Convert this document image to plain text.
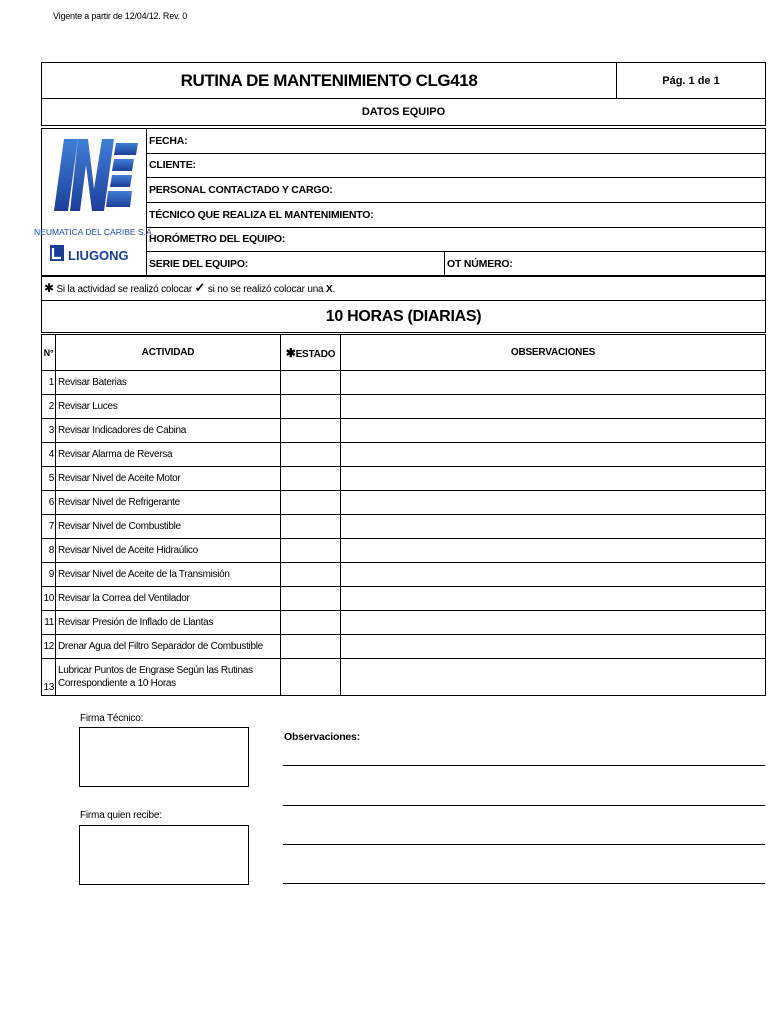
Vigente a partir de 12/04/12. Rev. 0
RUTINA DE MANTENIMIENTO CLG418	Pág. 1 de 1
DATOS EQUIPO
NEUMATICA DEL CARIBE S.A.
LIUGONG	FECHA:	
	CLIENTE:	
	PERSONAL CONTACTADO Y CARGO:	
	TÉCNICO QUE REALIZA EL MANTENIMIENTO:	
	HORÓMETRO DEL EQUIPO:	
	SERIE DEL EQUIPO:	OT NÚMERO:
✱ Si la actividad se realizó colocar ✓ si no se realizó colocar una X.
10 HORAS (DIARIAS)
N°	ACTIVIDAD	✱ESTADO	OBSERVACIONES
1	Revisar Baterias		
2	Revisar Luces		
3	Revisar Indicadores de Cabina		
4	Revisar Alarma de Reversa		
5	Revisar Nivel de Aceite Motor		
6	Revisar Nivel de Refrigerante		
7	Revisar Nivel de Combustible		
8	Revisar Nivel de Aceite Hidraúlico		
9	Revisar Nivel de Aceite de la Transmisión		
10	Revisar la Correa del Ventilador		
11	Revisar Presión de Inflado de Llantas		
12	Drenar Agua del Filtro Separador de Combustible		
13	Lubricar Puntos de Engrase Según las Rutinas Correspondiente a 10 Horas		
Firma Técnico:
Firma quien recibe:
Observaciones:
